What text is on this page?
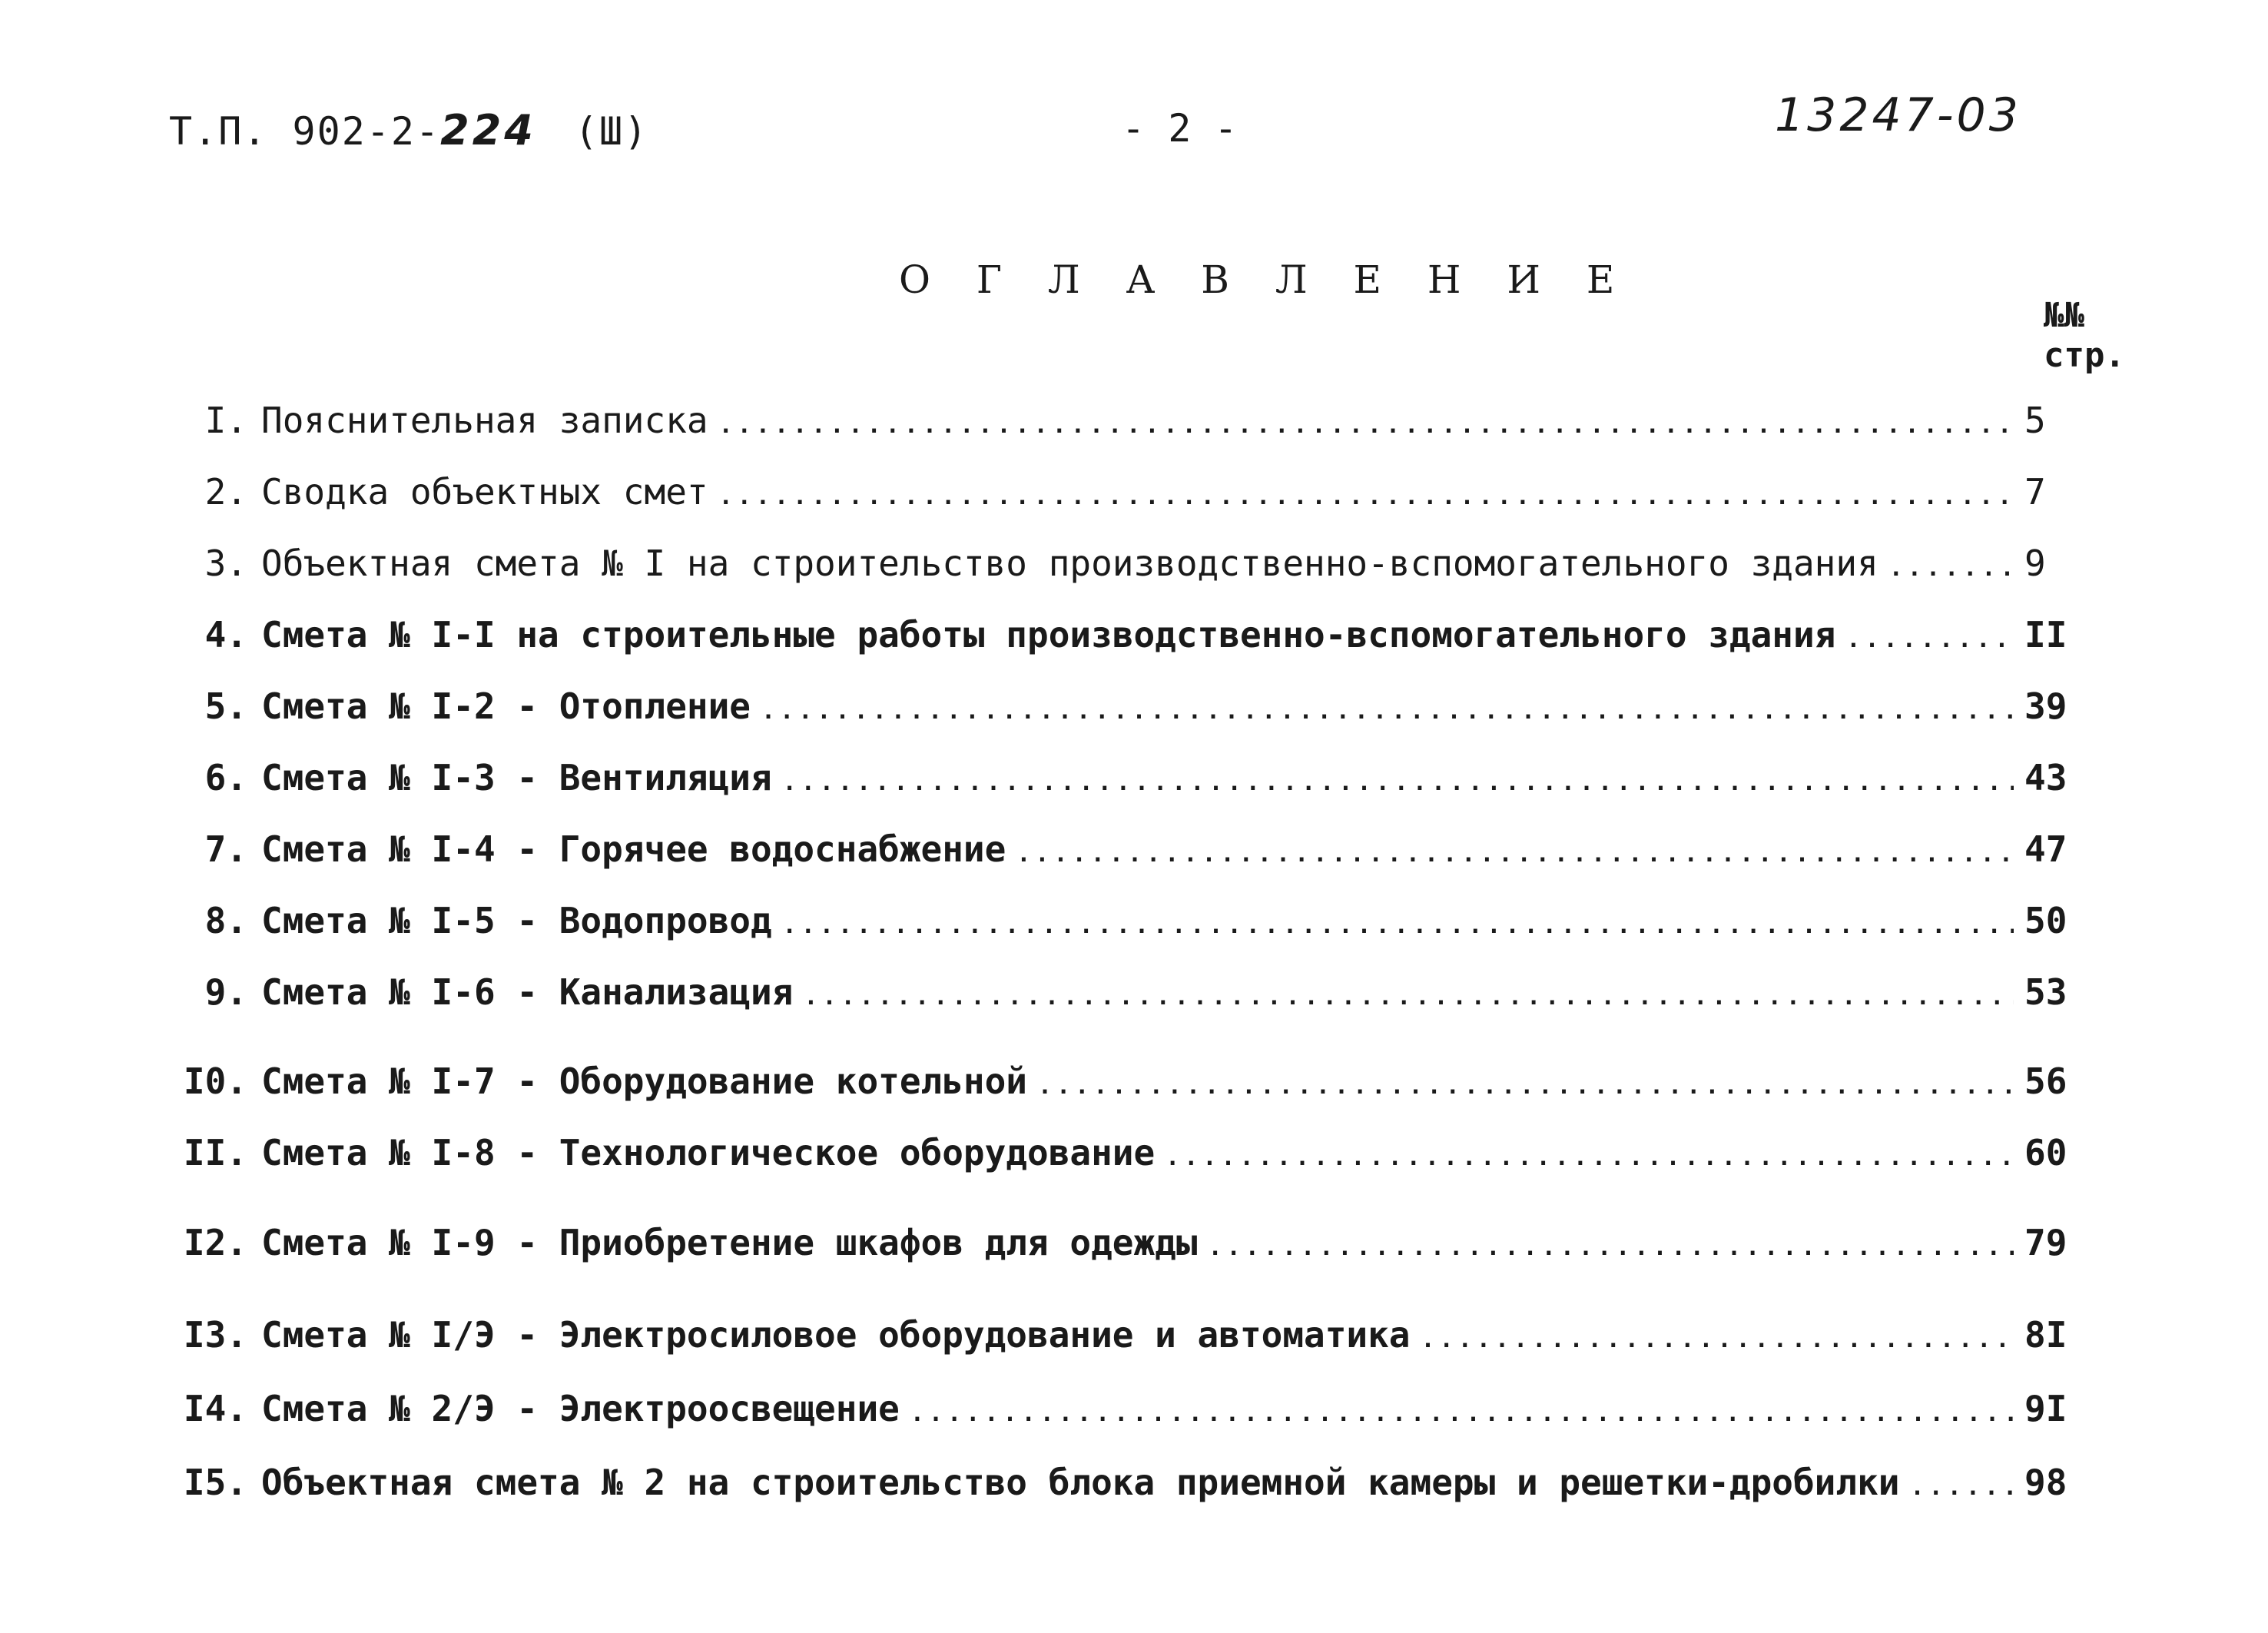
Т.П. 902-2-224 (Ш)	- 2 -	13247-03
О Г Л А В Л Е Н И Е
№№
стр.
I. Пояснительная записка . . .	5
2. Сводка объектных смет . . .	7
3. Объектная смета № I на строительство производственно-вспомогательного здания . . .	9
4. Смета № I-I на строительные работы производственно-вспомогательного здания . . .	II
5. Смета № I-2 - Отопление . . .	39
6. Смета № I-3 - Вентиляция . . .	43
7. Смета № I-4 - Горячее водоснабжение . . .	47
8. Смета № I-5 - Водопровод . . .	50
9. Смета № I-6 - Канализация . . .	53
I0. Смета № I-7 - Оборудование котельной . . .	56
II. Смета № I-8 - Технологическое оборудование . . .	60
I2. Смета № I-9 - Приобретение шкафов для одежды . . .	79
I3. Смета № I/Э - Электросиловое оборудование и автоматика . . .	8I
I4. Смета № 2/Э - Электроосвещение . . .	9I
I5. Объектная смета № 2 на строительство блока приемной камеры и решетки-дробилки . . .	98
